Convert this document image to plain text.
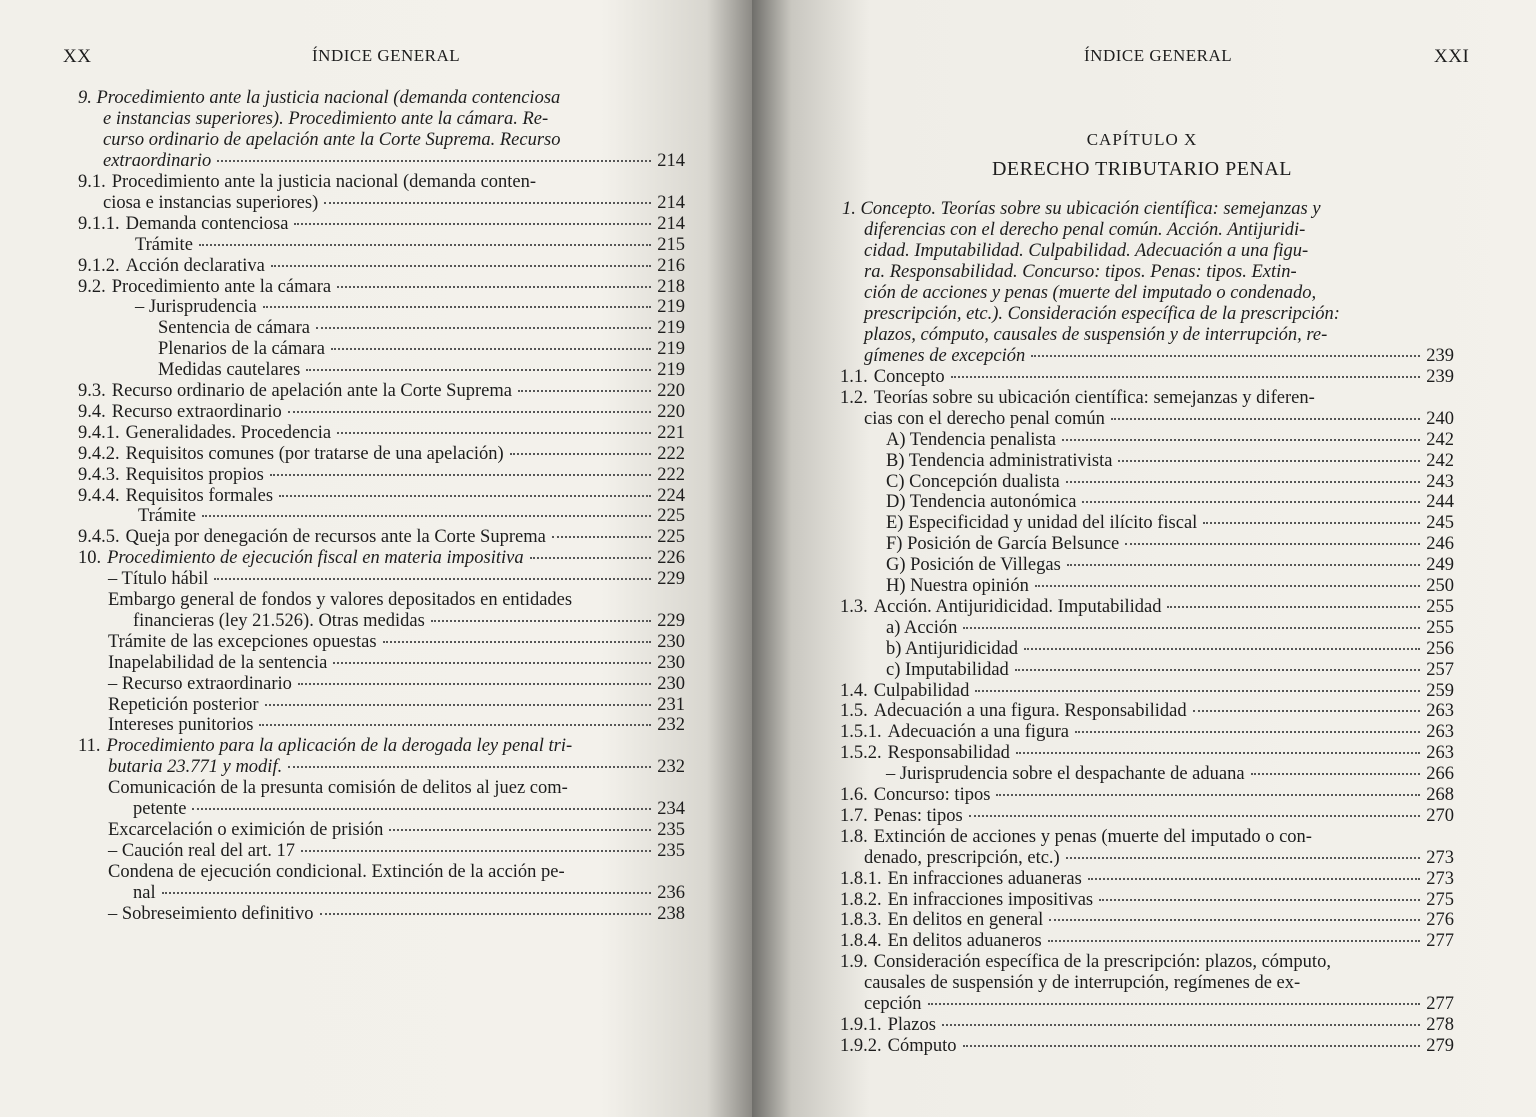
XX	ÍNDICE GENERAL
9. Procedimiento ante la justicia nacional (demanda contenciosa
e instancias superiores). Procedimiento ante la cámara. Re-
curso ordinario de apelación ante la Corte Suprema. Recurso
extraordinario	214
9.1. Procedimiento ante la justicia nacional (demanda conten-
ciosa e instancias superiores)	214
9.1.1. Demanda contenciosa	214
Trámite	215
9.1.2. Acción declarativa	216
9.2. Procedimiento ante la cámara	218
– Jurisprudencia	219
Sentencia de cámara	219
Plenarios de la cámara	219
Medidas cautelares	219
9.3. Recurso ordinario de apelación ante la Corte Suprema	220
9.4. Recurso extraordinario	220
9.4.1. Generalidades. Procedencia	221
9.4.2. Requisitos comunes (por tratarse de una apelación)	222
9.4.3. Requisitos propios	222
9.4.4. Requisitos formales	224
Trámite	225
9.4.5. Queja por denegación de recursos ante la Corte Suprema	225
10. Procedimiento de ejecución fiscal en materia impositiva	226
– Título hábil	229
Embargo general de fondos y valores depositados en entidades
financieras (ley 21.526). Otras medidas	229
Trámite de las excepciones opuestas	230
Inapelabilidad de la sentencia	230
– Recurso extraordinario	230
Repetición posterior	231
Intereses punitorios	232
11. Procedimiento para la aplicación de la derogada ley penal tri-
butaria 23.771 y modif.	232
Comunicación de la presunta comisión de delitos al juez com-
petente	234
Excarcelación o eximición de prisión	235
– Caución real del art. 17	235
Condena de ejecución condicional. Extinción de la acción pe-
nal	236
– Sobreseimiento definitivo	238
ÍNDICE GENERAL	XXI
CAPÍTULO X
DERECHO TRIBUTARIO PENAL
1. Concepto. Teorías sobre su ubicación científica: semejanzas y
diferencias con el derecho penal común. Acción. Antijuridi-
cidad. Imputabilidad. Culpabilidad. Adecuación a una figu-
ra. Responsabilidad. Concurso: tipos. Penas: tipos. Extin-
ción de acciones y penas (muerte del imputado o condenado,
prescripción, etc.). Consideración específica de la prescripción:
plazos, cómputo, causales de suspensión y de interrupción, re-
gímenes de excepción	239
1.1. Concepto	239
1.2. Teorías sobre su ubicación científica: semejanzas y diferen-
cias con el derecho penal común	240
A) Tendencia penalista	242
B) Tendencia administrativista	242
C) Concepción dualista	243
D) Tendencia autonómica	244
E) Especificidad y unidad del ilícito fiscal	245
F) Posición de García Belsunce	246
G) Posición de Villegas	249
H) Nuestra opinión	250
1.3. Acción. Antijuridicidad. Imputabilidad	255
a) Acción	255
b) Antijuridicidad	256
c) Imputabilidad	257
1.4. Culpabilidad	259
1.5. Adecuación a una figura. Responsabilidad	263
1.5.1. Adecuación a una figura	263
1.5.2. Responsabilidad	263
– Jurisprudencia sobre el despachante de aduana	266
1.6. Concurso: tipos	268
1.7. Penas: tipos	270
1.8. Extinción de acciones y penas (muerte del imputado o con-
denado, prescripción, etc.)	273
1.8.1. En infracciones aduaneras	273
1.8.2. En infracciones impositivas	275
1.8.3. En delitos en general	276
1.8.4. En delitos aduaneros	277
1.9. Consideración específica de la prescripción: plazos, cómputo,
causales de suspensión y de interrupción, regímenes de ex-
cepción	277
1.9.1. Plazos	278
1.9.2. Cómputo	279
